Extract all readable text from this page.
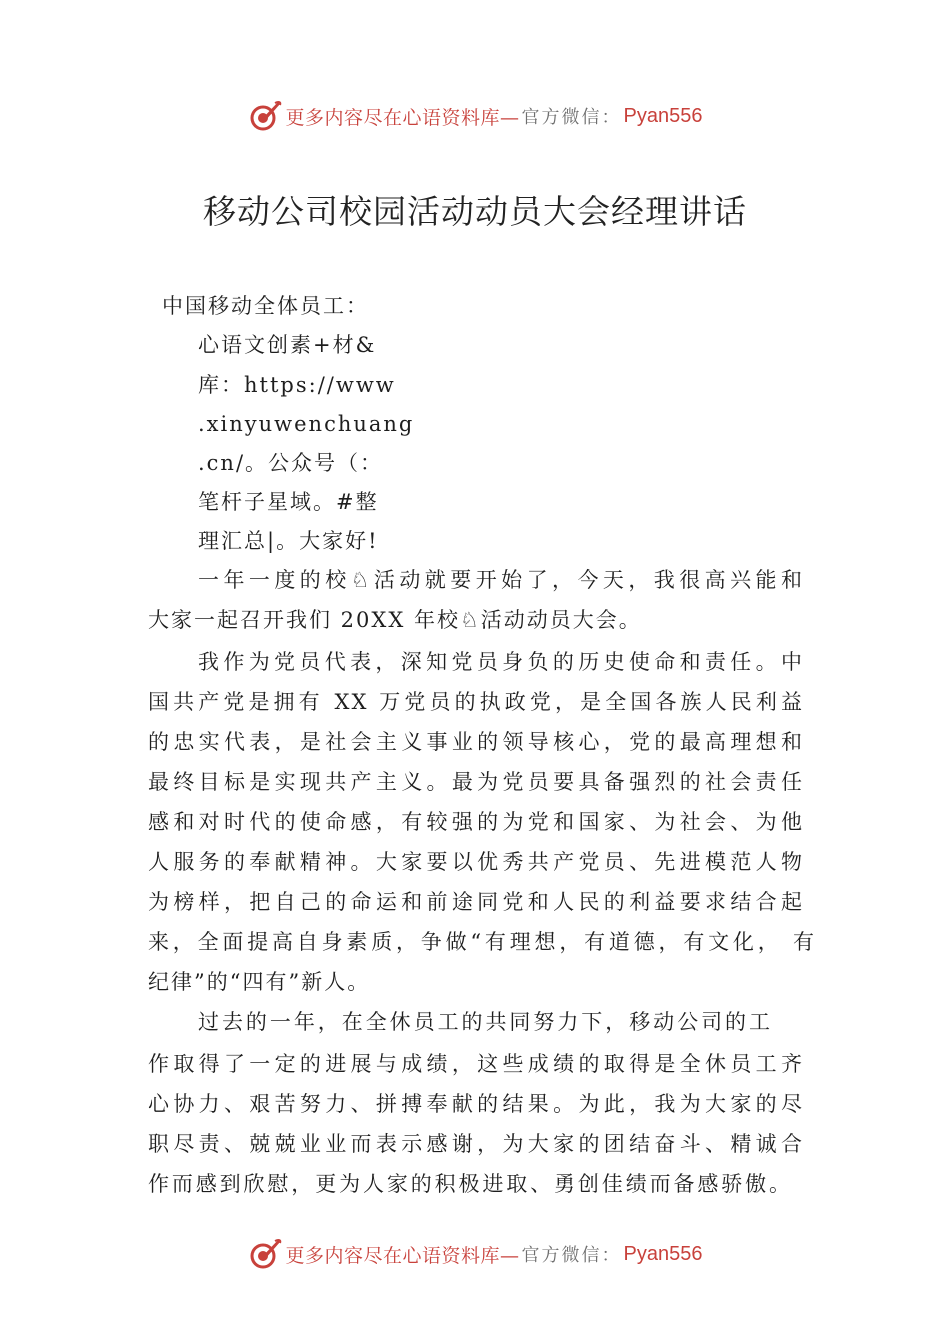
更多内容尽在心语资料库— 官方微信： Pyan556
移动公司校园活动动员大会经理讲话
中国移动全体员工：
心语文创素+材&
库：https://www
.xinyuwenchuang
.cn/。公众号（：
笔杆子星域。#整
理汇总|。大家好!
一年一度的校♘活动就要开始了，今天，我很高兴能和
大家一起召开我们 20XX 年校♘活动动员大会。
我作为党员代表，深知党员身负的历史使命和责任。中
国共产党是拥有 XX 万党员的执政党，是全国各族人民利益
的忠实代表，是社会主义事业的领导核心，党的最高理想和
最终目标是实现共产主义。最为党员要具备强烈的社会责任
感和对时代的使命感，有较强的为党和国家、为社会、为他
人服务的奉献精神。大家要以优秀共产党员、先进模范人物
为榜样，把自己的命运和前途同党和人民的利益要求结合起
来，全面提高自身素质，争做“有理想，有道德，有文化， 有
纪律”的“四有”新人。
过去的一年，在全休员工的共同努力下，移动公司的工
作取得了一定的进展与成绩，这些成绩的取得是全休员工齐
心协力、艰苦努力、拼搏奉献的结果。为此，我为大家的尽
职尽责、兢兢业业而表示感谢，为大家的团结奋斗、精诚合
作而感到欣慰，更为人家的积极进取、勇创佳绩而备感骄傲。
更多内容尽在心语资料库— 官方微信： Pyan556
